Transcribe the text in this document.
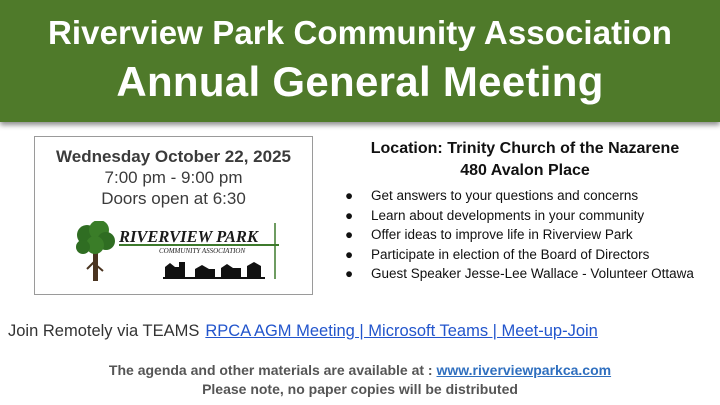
Riverview Park Community Association
Annual General Meeting
Wednesday October 22, 2025
7:00 pm - 9:00 pm
Doors open at 6:30
RIVERVIEW PARK
COMMUNITY ASSOCIATION
Location: Trinity Church of the Nazarene
480 Avalon Place
● Get answers to your questions and concerns
● Learn about developments in your community
● Offer ideas to improve life in Riverview Park
● Participate in election of the Board of Directors
● Guest Speaker Jesse-Lee Wallace - Volunteer Ottawa
Join Remotely via TEAMS RPCA AGM Meeting | Microsoft Teams | Meet-up-Join
The agenda and other materials are available at : www.riverviewparkca.com
Please note, no paper copies will be distributed
